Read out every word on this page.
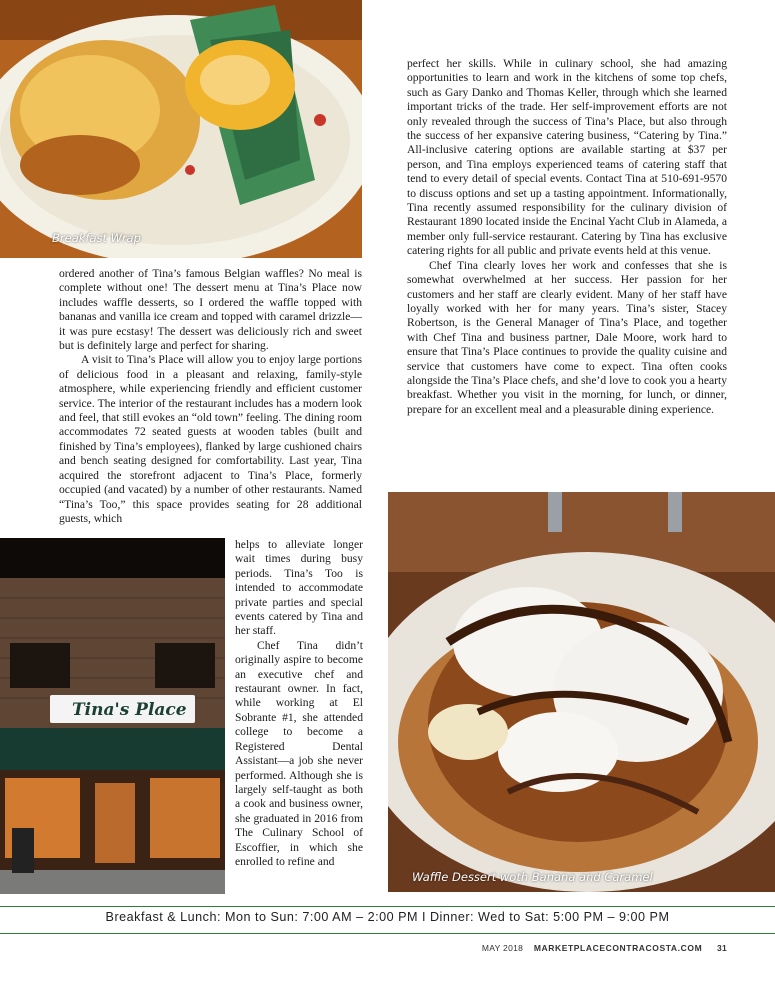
Breakfast Wrap
Tina's Place
Waffle Dessert woth Banana and Caramel

ordered another of Tina’s famous Belgian waffles? No meal is complete without one! The dessert menu at Tina’s Place now includes waffle desserts, so I ordered the waffle topped with bananas and vanilla ice cream and topped with caramel drizzle—it was pure ecstasy! The dessert was deliciously rich and sweet but is definitely large and perfect for sharing.

A visit to Tina’s Place will allow you to enjoy large portions of delicious food in a pleasant and relaxing, family-style atmosphere, while experiencing friendly and efficient customer service. The interior of the restaurant includes has a modern look and feel, that still evokes an “old town” feeling. The dining room accommodates 72 seated guests at wooden tables (built and finished by Tina’s employees), flanked by large cushioned chairs and bench seating designed for comfortability. Last year, Tina acquired the storefront adjacent to Tina’s Place, formerly occupied (and vacated) by a number of other restaurants. Named “Tina’s Too,” this space provides seating for 28 additional guests, which

helps to alleviate longer wait times during busy periods. Tina’s Too is intended to accommodate private parties and special events catered by Tina and her staff.

Chef Tina didn’t originally aspire to become an executive chef and restaurant owner. In fact, while working at El Sobrante #1, she attended college to become a Registered Dental Assistant—a job she never performed. Although she is largely self-taught as both a cook and business owner, she graduated in 2016 from The Culinary School of Escoffier, in which she enrolled to refine and

perfect her skills. While in culinary school, she had amazing opportunities to learn and work in the kitchens of some top chefs, such as Gary Danko and Thomas Keller, through which she learned important tricks of the trade. Her self-improvement efforts are not only revealed through the success of Tina’s Place, but also through the success of her expansive catering business, “Catering by Tina.” All-inclusive catering options are available starting at $37 per person, and Tina employs experienced teams of catering staff that tend to every detail of special events. Contact Tina at 510-691-9570 to discuss options and set up a tasting appointment. Informationally, Tina recently assumed responsibility for the culinary division of Restaurant 1890 located inside the Encinal Yacht Club in Alameda, a member only full-service restaurant. Catering by Tina has exclusive catering rights for all public and private events held at this venue.

Chef Tina clearly loves her work and confesses that she is somewhat overwhelmed at her success. Her passion for her customers and her staff are clearly evident. Many of her staff have loyally worked with her for many years. Tina’s sister, Stacey Robertson, is the General Manager of Tina’s Place, and together with Chef Tina and business partner, Dale Moore, work hard to ensure that Tina’s Place continues to provide the quality cuisine and service that customers have come to expect. Tina often cooks alongside the Tina’s Place chefs, and she’d love to cook you a hearty breakfast. Whether you visit in the morning, for lunch, or dinner, prepare for an excellent meal and a pleasurable dining experience.

Breakfast & Lunch: Mon to Sun: 7:00 AM – 2:00 PM I Dinner: Wed to Sat: 5:00 PM – 9:00 PM
MAY 2018 MARKETPLACECONTRACOSTA.COM 31
